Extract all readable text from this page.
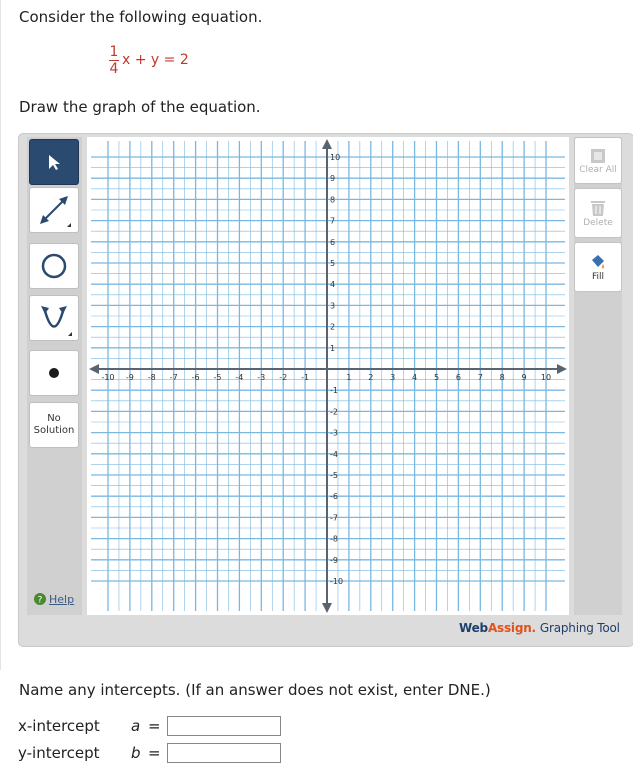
Consider the following equation.
1
4
x + y = 2
Draw the graph of the equation.
No
Solution
? Help
Clear All
Delete
Fill
-10 -9 -8 -7 -6 -5 -4 -3 -2 -1	1 2 3 4 5 6 7 8 9 10
10
9
8
7
6
5
4
3
2
1
-1
-2
-3
-4
-5
-6
-7
-8
-9
-10
WebAssign. Graphing Tool
Name any intercepts. (If an answer does not exist, enter DNE.)
x-intercept a =
y-intercept b =
